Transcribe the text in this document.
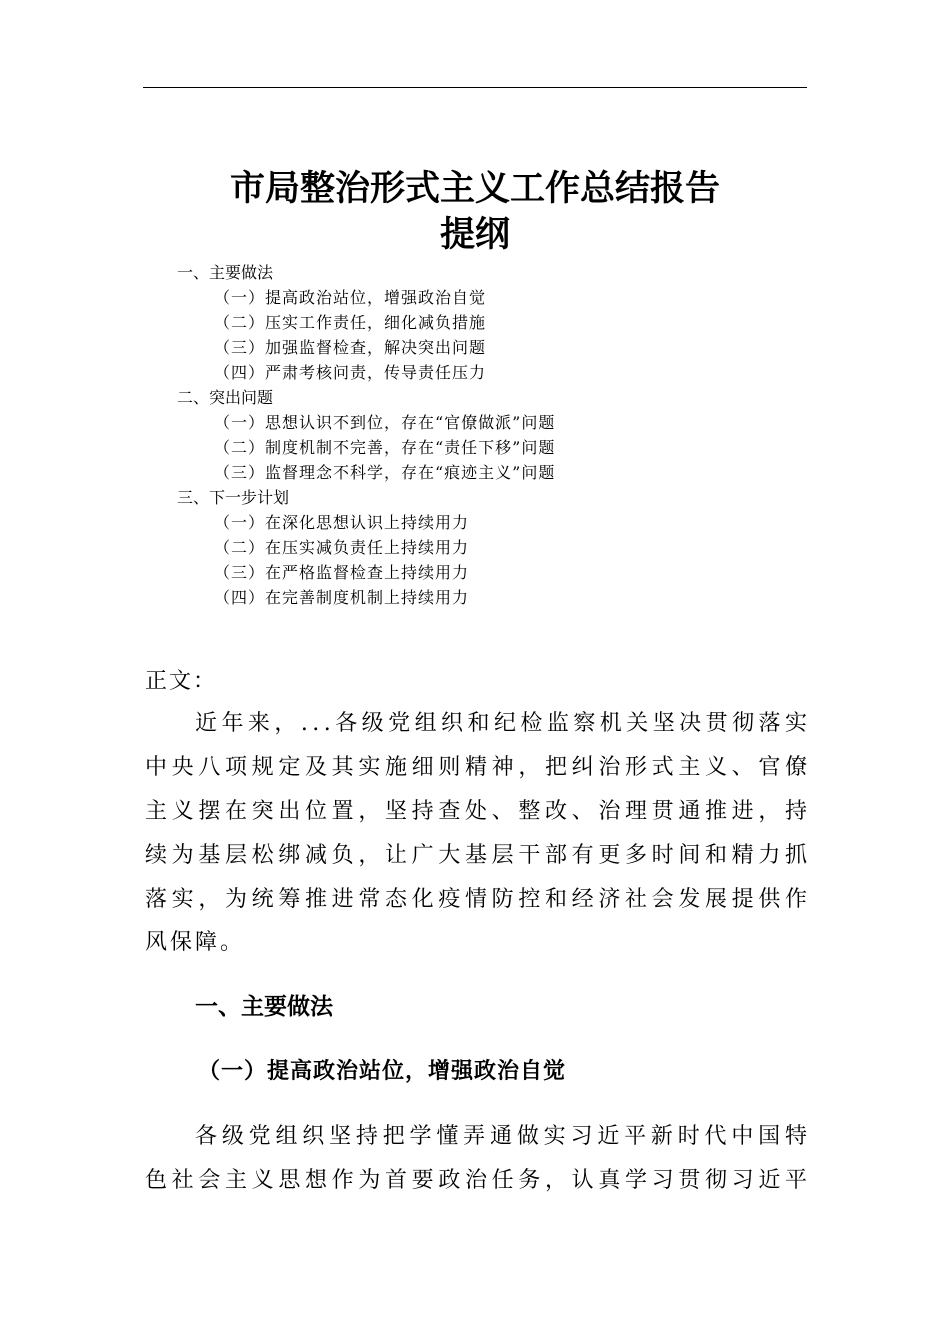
市局整治形式主义工作总结报告
提纲
一、主要做法
（一）提高政治站位，增强政治自觉
（二）压实工作责任，细化减负措施
（三）加强监督检查，解决突出问题
（四）严肃考核问责，传导责任压力
二、突出问题
（一）思想认识不到位，存在“官僚做派”问题
（二）制度机制不完善，存在“责任下移”问题
（三）监督理念不科学，存在“痕迹主义”问题
三、下一步计划
（一）在深化思想认识上持续用力
（二）在压实减负责任上持续用力
（三）在严格监督检查上持续用力
（四）在完善制度机制上持续用力
正文：
近年来，...各级党组织和纪检监察机关坚决贯彻落实
中央八项规定及其实施细则精神，把纠治形式主义、官僚
主义摆在突出位置，坚持查处、整改、治理贯通推进，持
续为基层松绑减负，让广大基层干部有更多时间和精力抓
落实，为统筹推进常态化疫情防控和经济社会发展提供作
风保障。
一、主要做法
（一）提高政治站位，增强政治自觉
各级党组织坚持把学懂弄通做实习近平新时代中国特
色社会主义思想作为首要政治任务，认真学习贯彻习近平
